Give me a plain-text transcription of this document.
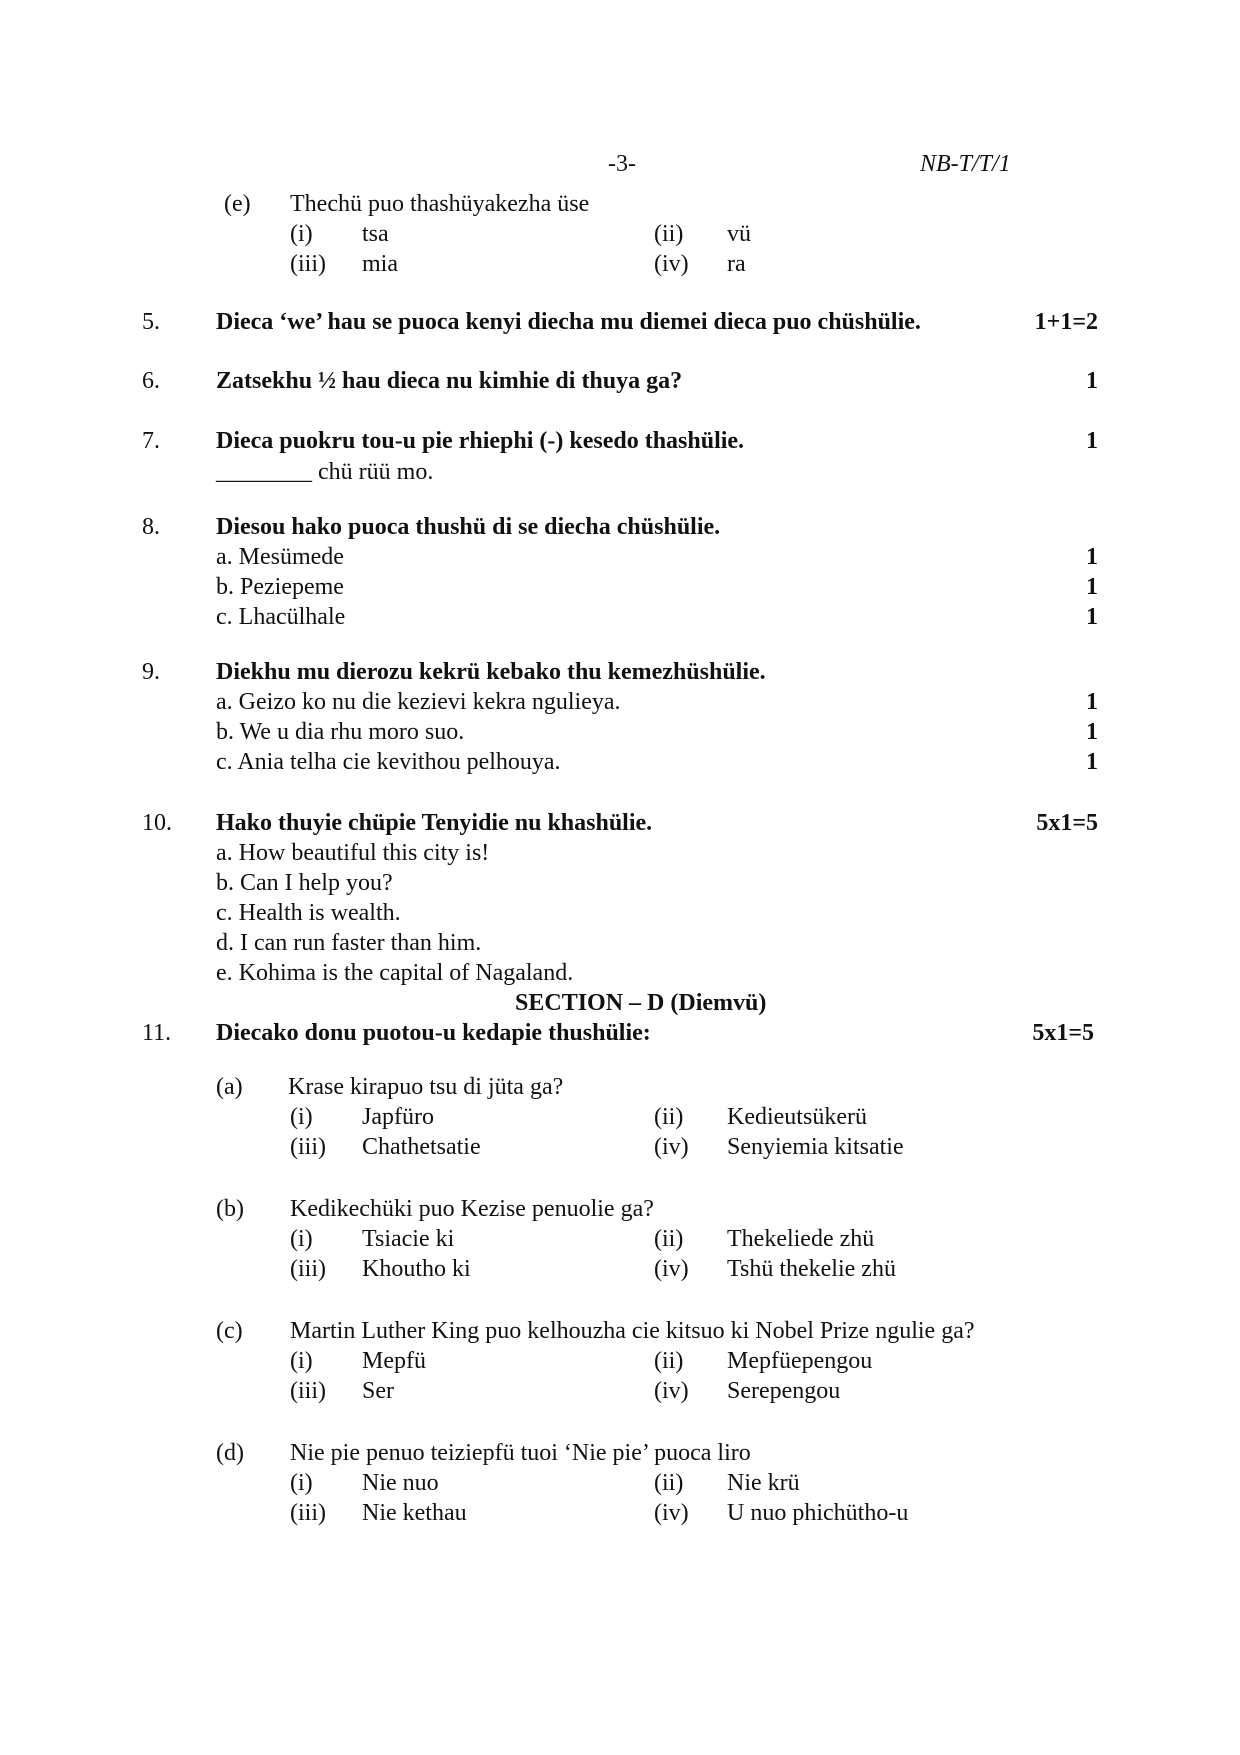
-3-	NB-T/T/1
(e) Thechü puo thashüyakezha üse
(i) tsa	(ii) vü
(iii) mia	(iv) ra
5. Dieca ‘we’ hau se puoca kenyi diecha mu diemei dieca puo chüshülie.	1+1=2
6. Zatsekhu ½ hau dieca nu kimhie di thuya ga?	1
7. Dieca puokru tou-u pie rhiephi (-) kesedo thashülie.	1
________ chü rüü mo.
8. Diesou hako puoca thushü di se diecha chüshülie.
a. Mesümede	1
b. Peziepeme	1
c. Lhacülhale	1
9. Diekhu mu dierozu kekrü kebako thu kemezhüshülie.
a. Geizo ko nu die kezievi kekra ngulieya.	1
b. We u dia rhu moro suo.	1
c. Ania telha cie kevithou pelhouya.	1
10. Hako thuyie chüpie Tenyidie nu khashülie.	5x1=5
a. How beautiful this city is!
b. Can I help you?
c. Health is wealth.
d. I can run faster than him.
e. Kohima is the capital of Nagaland.
SECTION – D (Diemvü)
11. Diecako donu puotou-u kedapie thushülie:	5x1=5
(a) Krase kirapuo tsu di jüta ga?
(i) Japfüro	(ii) Kedieutsükerü
(iii) Chathetsatie	(iv) Senyiemia kitsatie
(b) Kedikechüki puo Kezise penuolie ga?
(i) Tsiacie ki	(ii) Thekeliede zhü
(iii) Khoutho ki	(iv) Tshü thekelie zhü
(c) Martin Luther King puo kelhouzha cie kitsuo ki Nobel Prize ngulie ga?
(i) Mepfü	(ii) Mepfüepengou
(iii) Ser	(iv) Serepengou
(d) Nie pie penuo teiziepfü tuoi ‘Nie pie’ puoca liro
(i) Nie nuo	(ii) Nie krü
(iii) Nie kethau	(iv) U nuo phichütho-u
